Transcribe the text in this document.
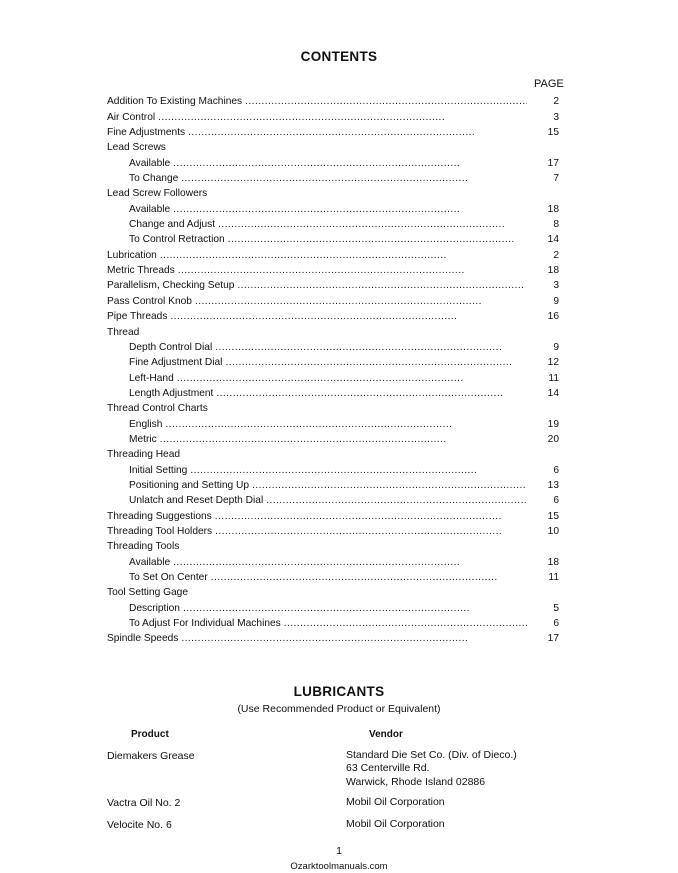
CONTENTS
PAGE
Addition To Existing Machines . . .	2
Air Control . . .	3
Fine Adjustments . . .	15
Lead Screws
Available . . .	17
To Change . . .	7
Lead Screw Followers
Available . . .	18
Change and Adjust . . .	8
To Control Retraction . . .	14
Lubrication . . .	2
Metric Threads . . .	18
Parallelism, Checking Setup . . .	3
Pass Control Knob . . .	9
Pipe Threads . . .	16
Thread
Depth Control Dial . . .	9
Fine Adjustment Dial . . .	12
Left-Hand . . .	11
Length Adjustment . . .	14
Thread Control Charts
English . . .	19
Metric . . .	20
Threading Head
Initial Setting . . .	6
Positioning and Setting Up . . .	13
Unlatch and Reset Depth Dial . . .	6
Threading Suggestions . . .	15
Threading Tool Holders . . .	10
Threading Tools
Available . . .	18
To Set On Center . . .	11
Tool Setting Gage
Description . . .	5
To Adjust For Individual Machines . . .	6
Spindle Speeds . . .	17
LUBRICANTS
(Use Recommended Product or Equivalent)
Product	Vendor
Diemakers Grease	Standard Die Set Co. (Div. of Dieco.)
63 Centerville Rd.
Warwick, Rhode Island 02886
Vactra Oil No. 2	Mobil Oil Corporation
Velocite No. 6	Mobil Oil Corporation
1
Ozarktoolmanuals.com
